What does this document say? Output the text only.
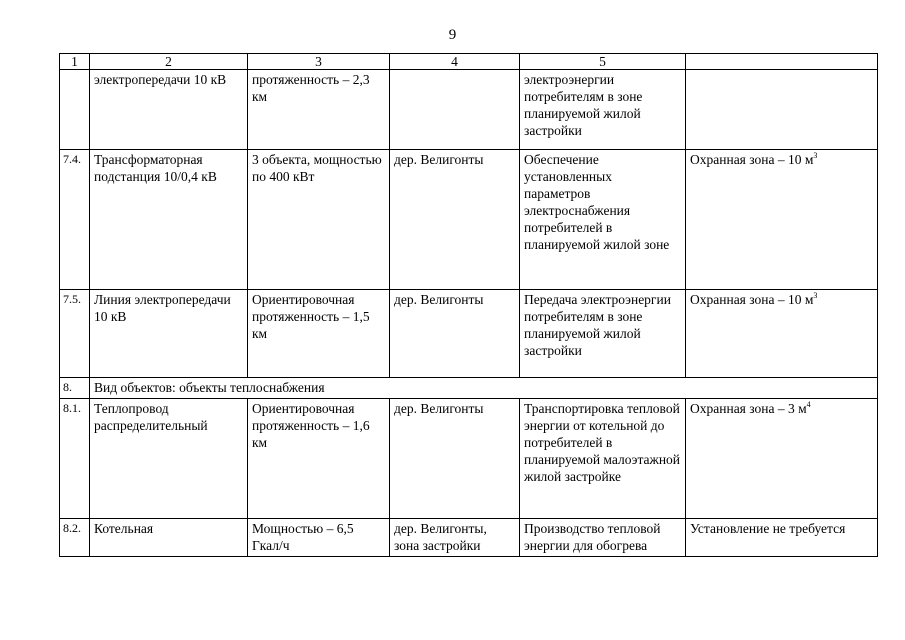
9
1	2	3	4	5	
	электропередачи 10 кВ	протяженность – 2,3 км		электроэнергии потребителям в зоне планируемой жилой застройки	
7.4.	Трансформаторная подстанция 10/0,4 кВ	3 объекта, мощностью по 400 кВт	дер. Велигонты	Обеспечение установленных параметров электроснабжения потребителей в планируемой жилой зоне	Охранная зона – 10 $м^3$
7.5.	Линия электропередачи 10 кВ	Ориентировочная протяженность – 1,5 км	дер. Велигонты	Передача электроэнергии потребителям в зоне планируемой жилой застройки	Охранная зона – 10 $м^3$
8.	Вид объектов: объекты теплоснабжения				
8.1.	Теплопровод распределительный	Ориентировочная протяженность – 1,6 км	дер. Велигонты	Транспортировка тепловой энергии от котельной до потребителей в планируемой малоэтажной жилой застройке	Охранная зона – 3 $м^4$
8.2.	Котельная	Мощностью – 6,5 Гкал/ч	дер. Велигонты, зона застройки	Производство тепловой энергии для обогрева	Установление не требуется
